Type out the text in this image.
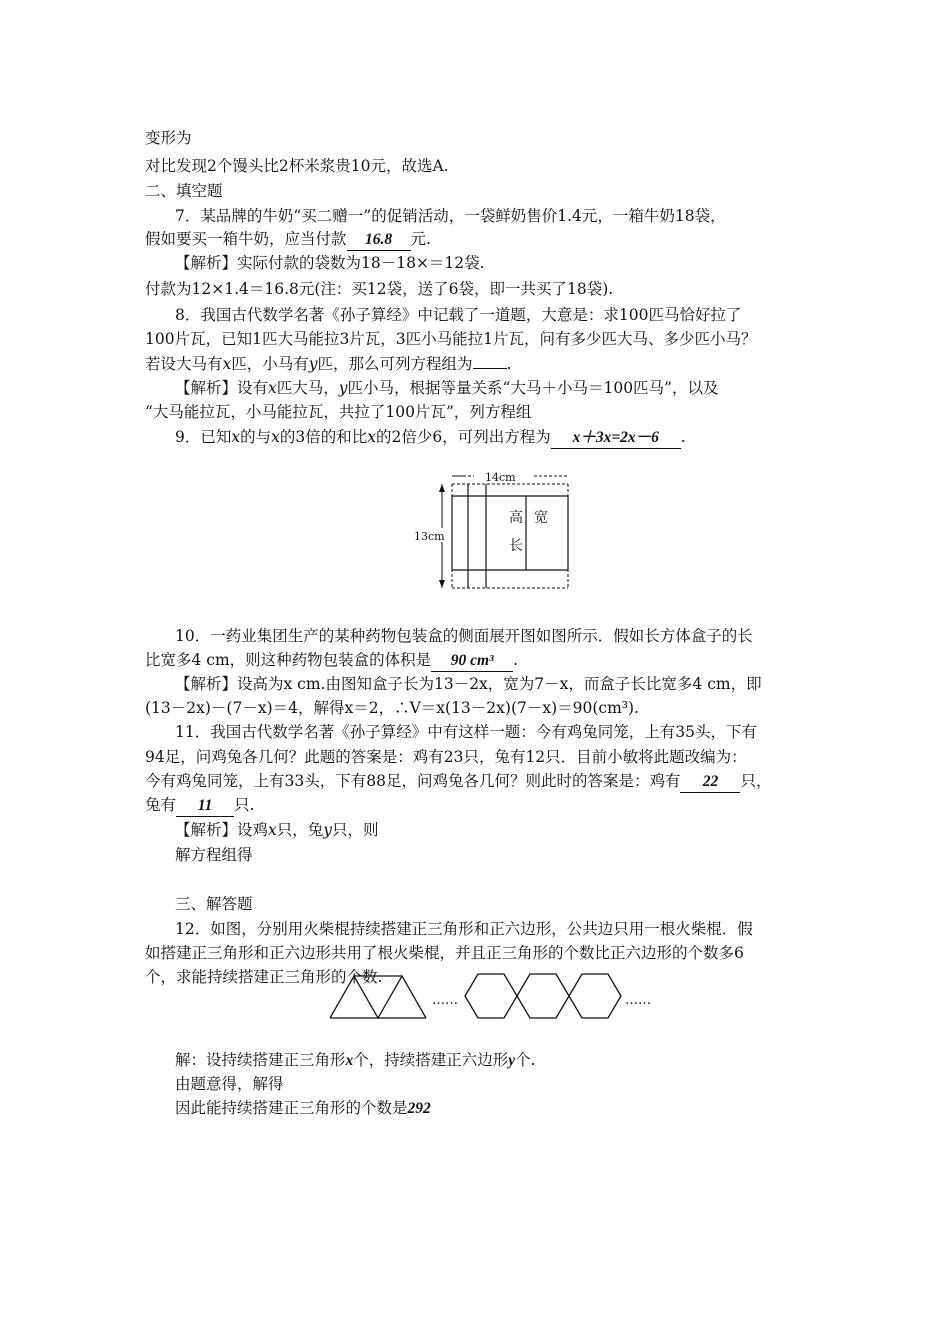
变形为
对比发现2个馒头比2杯米浆贵10元，故选A.
二、填空题
7．某品牌的牛奶“买二赠一”的促销活动，一袋鲜奶售价1.4元，一箱牛奶18袋，
假如要买一箱牛奶，应当付款 16.8 元.
【解析】实际付款的袋数为18－18×＝12袋.
付款为12×1.4＝16.8元(注：买12袋，送了6袋，即一共买了18袋).
8．我国古代数学名著《孙子算经》中记载了一道题，大意是：求100匹马恰好拉了
100片瓦，已知1匹大马能拉3片瓦，3匹小马能拉1片瓦，问有多少匹大马、多少匹小马？
若设大马有x匹，小马有y匹，那么可列方程组为 .
【解析】设有x匹大马，y匹小马，根据等量关系“大马＋小马＝100匹马”，以及
“大马能拉瓦，小马能拉瓦，共拉了100片瓦”，列方程组
9．已知x的与x的3倍的和比x的2倍少6，可列出方程为 x＋3x=2x－6 .
14cm
13cm
高 宽
长
10．一药业集团生产的某种药物包装盒的侧面展开图如图所示．假如长方体盒子的长
比宽多4 cm，则这种药物包装盒的体积是 90 cm³ .
【解析】设高为x cm.由图知盒子长为13－2x，宽为7－x，而盒子长比宽多4 cm，即
(13－2x)－(7－x)＝4，解得x＝2，∴V＝x(13－2x)(7－x)＝90(cm³).
11．我国古代数学名著《孙子算经》中有这样一题：今有鸡兔同笼，上有35头，下有
94足，问鸡兔各几何？此题的答案是：鸡有23只，兔有12只．目前小敏将此题改编为：
今有鸡兔同笼，上有33头，下有88足，问鸡兔各几何？则此时的答案是：鸡有 22 只，
兔有 11 只.
【解析】设鸡x只，兔y只，则
解方程组得
三、解答题
12．如图，分别用火柴棍持续搭建正三角形和正六边形，公共边只用一根火柴棍．假
如搭建正三角形和正六边形共用了根火柴棍，并且正三角形的个数比正六边形的个数多6
个，求能持续搭建正三角形的个数.
……	……
解：设持续搭建正三角形x个，持续搭建正六边形y个.
由题意得，解得
因此能持续搭建正三角形的个数是292
